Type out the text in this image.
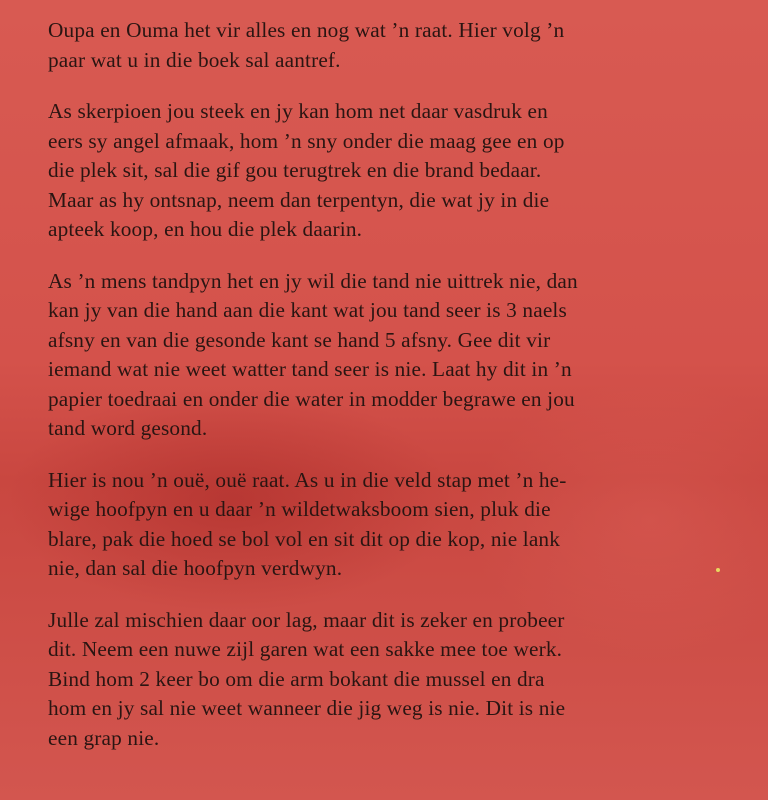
Oupa en Ouma het vir alles en nog wat ’n raat. Hier volg ’n
paar wat u in die boek sal aantref.

As skerpioen jou steek en jy kan hom net daar vasdruk en
eers sy angel afmaak, hom ’n sny onder die maag gee en op
die plek sit, sal die gif gou terugtrek en die brand bedaar.
Maar as hy ontsnap, neem dan terpentyn, die wat jy in die
apteek koop, en hou die plek daarin.

As ’n mens tandpyn het en jy wil die tand nie uittrek nie, dan
kan jy van die hand aan die kant wat jou tand seer is 3 naels
afsny en van die gesonde kant se hand 5 afsny. Gee dit vir
iemand wat nie weet watter tand seer is nie. Laat hy dit in ’n
papier toedraai en onder die water in modder begrawe en jou
tand word gesond.

Hier is nou ’n ouë, ouë raat. As u in die veld stap met ’n he-
wige hoofpyn en u daar ’n wildetwaksboom sien, pluk die
blare, pak die hoed se bol vol en sit dit op die kop, nie lank
nie, dan sal die hoofpyn verdwyn.

Julle zal mischien daar oor lag, maar dit is zeker en probeer
dit. Neem een nuwe zijl garen wat een sakke mee toe werk.
Bind hom 2 keer bo om die arm bokant die mussel en dra
hom en jy sal nie weet wanneer die jig weg is nie. Dit is nie
een grap nie.
